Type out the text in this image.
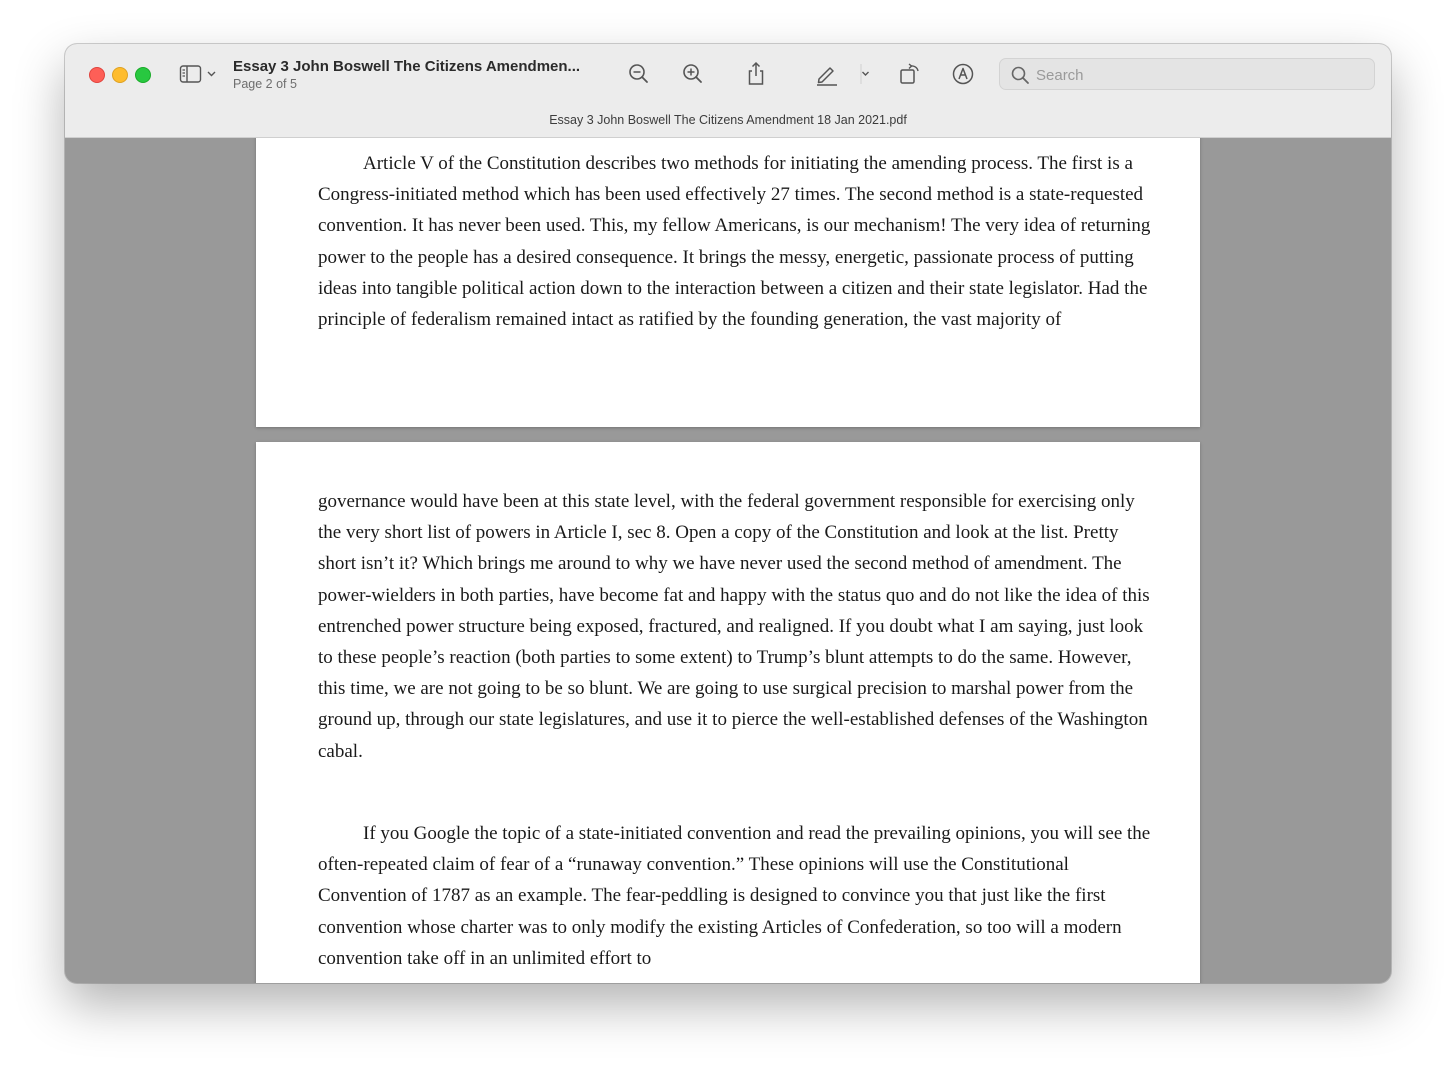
Essay 3 John Boswell The Citizens Amendmen...
Page 2 of 5
Search
Essay 3 John Boswell The Citizens Amendment 18 Jan 2021.pdf

Article V of the Constitution describes two methods for initiating the amending process. The first is a Congress-initiated method which has been used effectively 27 times. The second method is a state-requested convention. It has never been used. This, my fellow Americans, is our mechanism! The very idea of returning power to the people has a desired consequence. It brings the messy, energetic, passionate process of putting ideas into tangible political action down to the interaction between a citizen and their state legislator. Had the principle of federalism remained intact as ratified by the founding generation, the vast majority of

governance would have been at this state level, with the federal government responsible for exercising only the very short list of powers in Article I, sec 8. Open a copy of the Constitution and look at the list. Pretty short isn’t it? Which brings me around to why we have never used the second method of amendment. The power-wielders in both parties, have become fat and happy with the status quo and do not like the idea of this entrenched power structure being exposed, fractured, and realigned. If you doubt what I am saying, just look to these people’s reaction (both parties to some extent) to Trump’s blunt attempts to do the same. However, this time, we are not going to be so blunt. We are going to use surgical precision to marshal power from the ground up, through our state legislatures, and use it to pierce the well-established defenses of the Washington cabal.

If you Google the topic of a state-initiated convention and read the prevailing opinions, you will see the often-repeated claim of fear of a “runaway convention.” These opinions will use the Constitutional Convention of 1787 as an example. The fear-peddling is designed to convince you that just like the first convention whose charter was to only modify the existing Articles of Confederation, so too will a modern convention take off in an unlimited effort to
